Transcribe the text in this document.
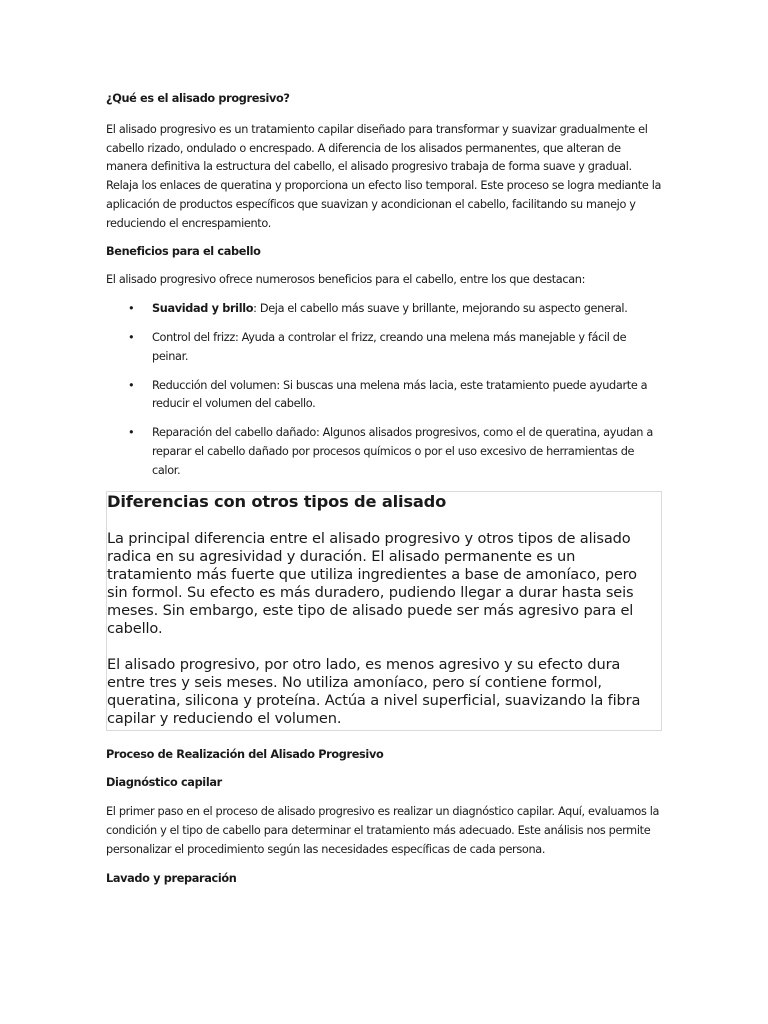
¿Qué es el alisado progresivo?

El alisado progresivo es un tratamiento capilar diseñado para transformar y suavizar gradualmente el cabello rizado, ondulado o encrespado. A diferencia de los alisados permanentes, que alteran de manera definitiva la estructura del cabello, el alisado progresivo trabaja de forma suave y gradual. Relaja los enlaces de queratina y proporciona un efecto liso temporal. Este proceso se logra mediante la aplicación de productos específicos que suavizan y acondicionan el cabello, facilitando su manejo y reduciendo el encrespamiento.

Beneficios para el cabello

El alisado progresivo ofrece numerosos beneficios para el cabello, entre los que destacan:

• Suavidad y brillo: Deja el cabello más suave y brillante, mejorando su aspecto general.
• Control del frizz: Ayuda a controlar el frizz, creando una melena más manejable y fácil de peinar.
• Reducción del volumen: Si buscas una melena más lacia, este tratamiento puede ayudarte a reducir el volumen del cabello.
• Reparación del cabello dañado: Algunos alisados progresivos, como el de queratina, ayudan a reparar el cabello dañado por procesos químicos o por el uso excesivo de herramientas de calor.

Diferencias con otros tipos de alisado

La principal diferencia entre el alisado progresivo y otros tipos de alisado radica en su agresividad y duración. El alisado permanente es un tratamiento más fuerte que utiliza ingredientes a base de amoníaco, pero sin formol. Su efecto es más duradero, pudiendo llegar a durar hasta seis meses. Sin embargo, este tipo de alisado puede ser más agresivo para el cabello.

El alisado progresivo, por otro lado, es menos agresivo y su efecto dura entre tres y seis meses. No utiliza amoníaco, pero sí contiene formol, queratina, silicona y proteína. Actúa a nivel superficial, suavizando la fibra capilar y reduciendo el volumen.

Proceso de Realización del Alisado Progresivo

Diagnóstico capilar

El primer paso en el proceso de alisado progresivo es realizar un diagnóstico capilar. Aquí, evaluamos la condición y el tipo de cabello para determinar el tratamiento más adecuado. Este análisis nos permite personalizar el procedimiento según las necesidades específicas de cada persona.

Lavado y preparación
